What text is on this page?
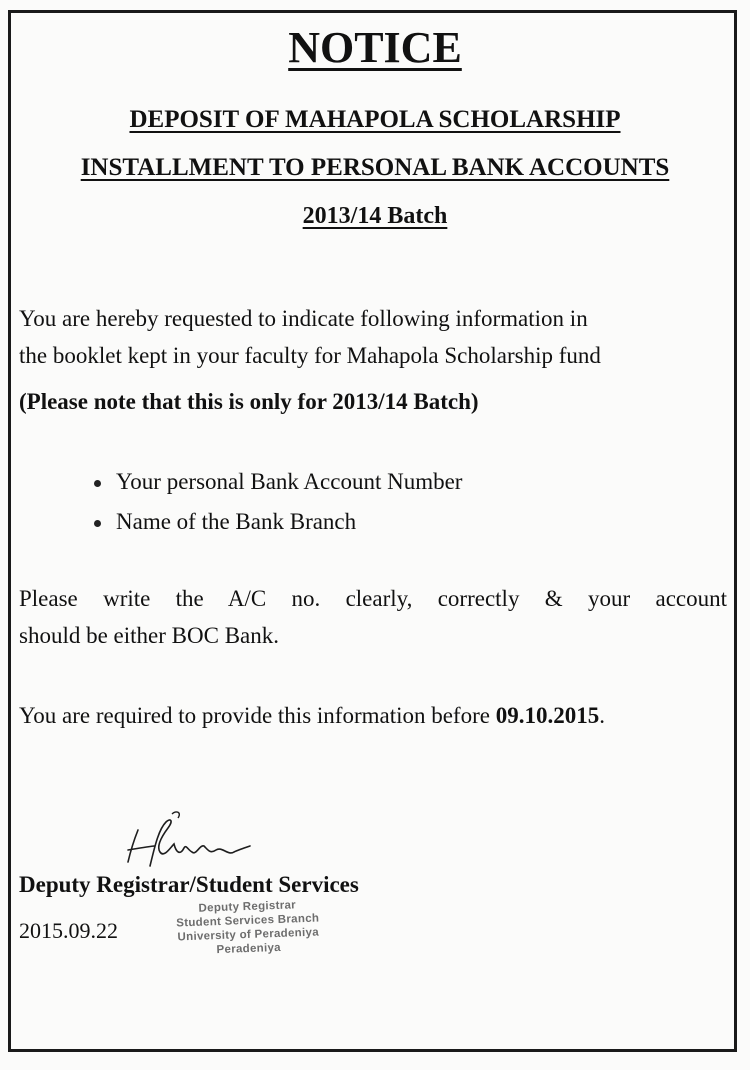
NOTICE
DEPOSIT OF MAHAPOLA SCHOLARSHIP
INSTALLMENT TO PERSONAL BANK ACCOUNTS
2013/14 Batch
You are hereby requested to indicate following information in
the booklet kept in your faculty for Mahapola Scholarship fund
(Please note that this is only for 2013/14 Batch)
Your personal Bank Account Number
Name of the Bank Branch
Please write the A/C no. clearly, correctly & your account
should be either BOC Bank.
You are required to provide this information before 09.10.2015.
Deputy Registrar/Student Services
2015.09.22
Deputy Registrar
Student Services Branch
University of Peradeniya
Peradeniya
